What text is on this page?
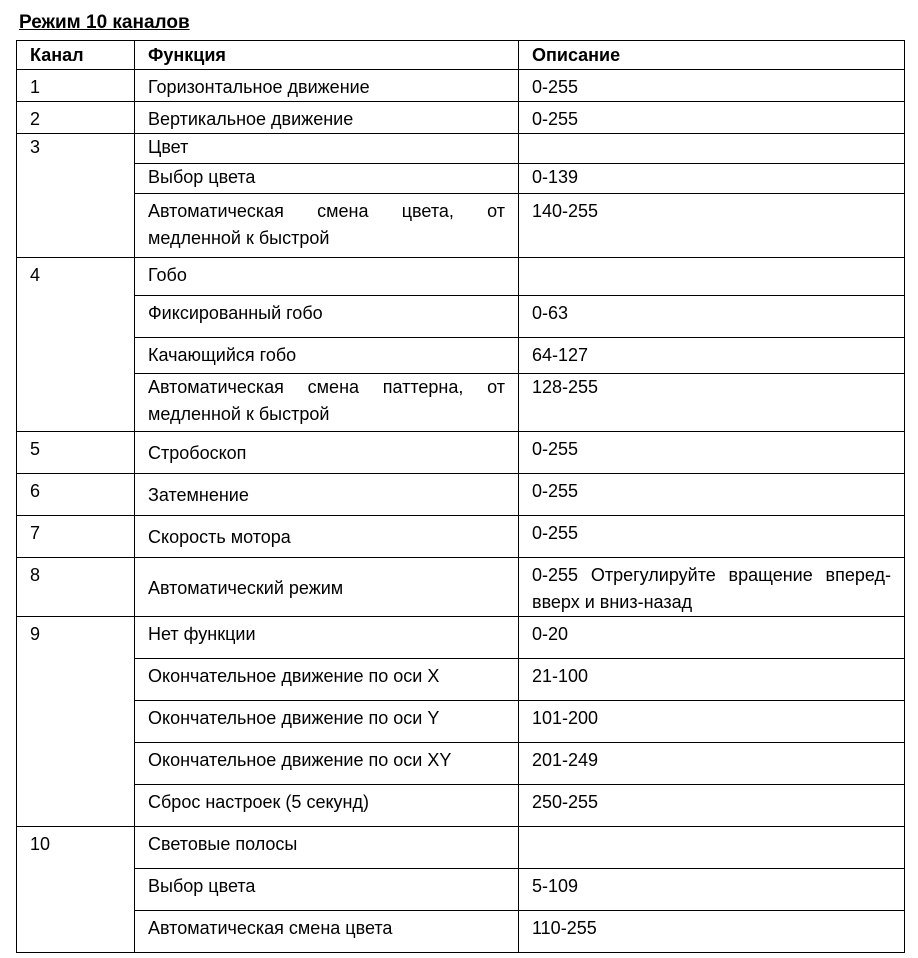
Режим 10 каналов
Канал	Функция	Описание
1	Горизонтальное движение	0-255
2	Вертикальное движение	0-255
3	Цвет	
	Выбор цвета	0-139
	Автоматическая смена цвета, от медленной к быстрой	140-255
4	Гобо	
	Фиксированный гобо	0-63
	Качающийся гобо	64-127
	Автоматическая смена паттерна, от медленной к быстрой	128-255
5	Стробоскоп	0-255
6	Затемнение	0-255
7	Скорость мотора	0-255
8	Автоматический режим	0-255 Отрегулируйте вращение вперед-вверх и вниз-назад
9	Нет функции	0-20
	Окончательное движение по оси X	21-100
	Окончательное движение по оси Y	101-200
	Окончательное движение по оси XY	201-249
	Сброс настроек (5 секунд)	250-255
10	Световые полосы	
	Выбор цвета	5-109
	Автоматическая смена цвета	110-255
